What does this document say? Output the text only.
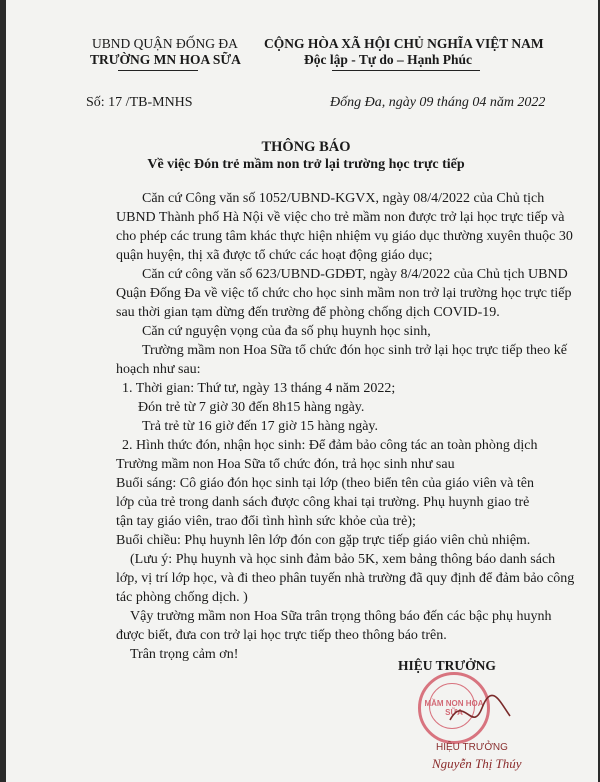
UBND QUẬN ĐỐNG ĐA
TRƯỜNG MN HOA SỮA
CỘNG HÒA XÃ HỘI CHỦ NGHĨA VIỆT NAM
Độc lập - Tự do – Hạnh Phúc
Số: 17 /TB-MNHS	Đống Đa, ngày 09 tháng 04 năm 2022
THÔNG BÁO
Về việc Đón trẻ mầm non trở lại trường học trực tiếp
Căn cứ Công văn số 1052/UBND-KGVX, ngày 08/4/2022 của Chủ tịch
UBND Thành phố Hà Nội về việc cho trẻ mầm non được trở lại học trực tiếp và
cho phép các trung tâm khác thực hiện nhiệm vụ giáo dục thường xuyên thuộc 30
quận huyện, thị xã được tổ chức các hoạt động giáo dục;
Căn cứ công văn số 623/UBND-GDĐT, ngày 8/4/2022 của Chủ tịch UBND
Quận Đống Đa về việc tổ chức cho học sinh mầm non trở lại trường học trực tiếp
sau thời gian tạm dừng đến trường để phòng chống dịch COVID-19.
Căn cứ nguyện vọng của đa số phụ huynh học sinh,
Trường mầm non Hoa Sữa tổ chức đón học sinh trở lại học trực tiếp theo kế
hoạch như sau:
1. Thời gian: Thứ tư, ngày 13 tháng 4 năm 2022;
Đón trẻ từ 7 giờ 30 đến 8h15 hàng ngày.
Trả trẻ từ 16 giờ đến 17 giờ 15 hàng ngày.
2. Hình thức đón, nhận học sinh: Để đảm bảo công tác an toàn phòng dịch
Trường mầm non Hoa Sữa tổ chức đón, trả học sinh như sau
Buổi sáng: Cô giáo đón học sinh tại lớp (theo biển tên của giáo viên và tên
lớp của trẻ trong danh sách được công khai tại trường. Phụ huynh giao trẻ
tận tay giáo viên, trao đổi tình hình sức khỏe của trẻ);
Buổi chiều: Phụ huynh lên lớp đón con gặp trực tiếp giáo viên chủ nhiệm.
(Lưu ý: Phụ huynh và học sinh đảm bảo 5K, xem bảng thông báo danh sách
lớp, vị trí lớp học, và đi theo phân tuyến nhà trường đã quy định để đảm bảo công
tác phòng chống dịch. )
Vậy trường mầm non Hoa Sữa trân trọng thông báo đến các bậc phụ huynh
được biết, đưa con trở lại học trực tiếp theo thông báo trên.
Trân trọng cảm ơn!
HIỆU TRƯỞNG
MẦM NON HOA SỮA
HIỆU TRƯỞNG
Nguyễn Thị Thúy
